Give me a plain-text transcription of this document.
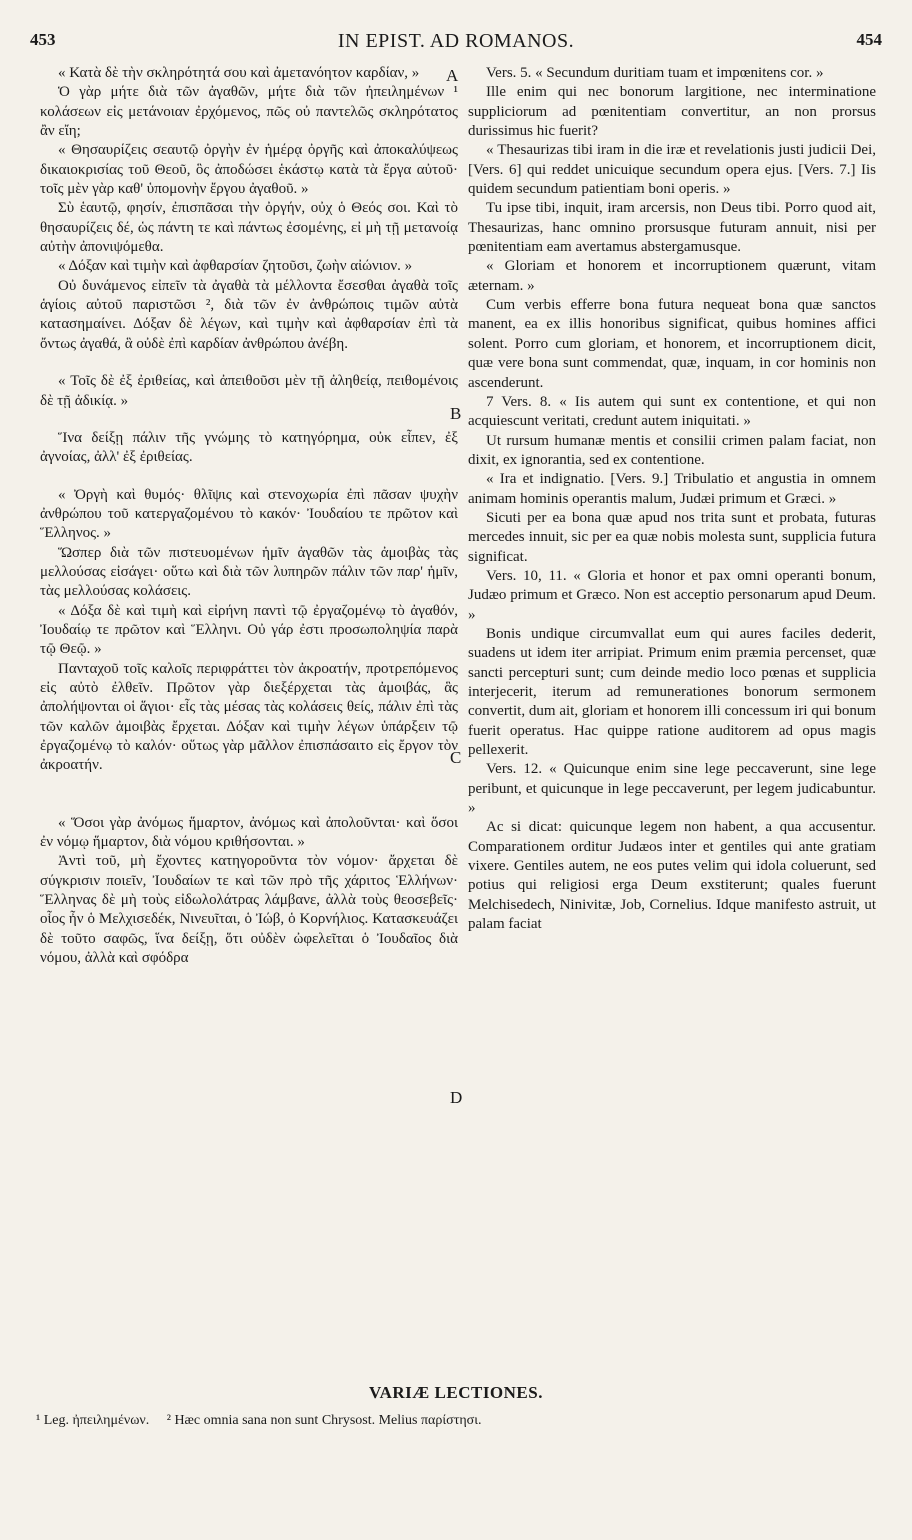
453	IN EPIST. AD ROMANOS.	454
A
B
C
D

« Κατὰ δὲ τὴν σκληρότητά σου καὶ ἀμετανόητον καρδίαν, »

Ὁ γὰρ μήτε διὰ τῶν ἀγαθῶν, μήτε διὰ τῶν ἠπειλημένων ¹ κολάσεων εἰς μετάνοιαν ἐρχόμενος, πῶς οὐ παντελῶς σκληρότατος ἂν εἴη;

« Θησαυρίζεις σεαυτῷ ὀργὴν ἐν ἡμέρᾳ ὀργῆς καὶ ἀποκαλύψεως δικαιοκρισίας τοῦ Θεοῦ, ὃς ἀποδώσει ἑκάστῳ κατὰ τὰ ἔργα αὐτοῦ· τοῖς μὲν γὰρ καθ' ὑπομονὴν ἔργου ἀγαθοῦ. »

Σὺ ἑαυτῷ, φησίν, ἐπισπᾶσαι τὴν ὀργήν, οὐχ ὁ Θεός σοι. Καὶ τὸ θησαυρίζεις δέ, ὡς πάντη τε καὶ πάντως ἐσομένης, εἰ μὴ τῇ μετανοίᾳ αὐτὴν ἀπονιψόμεθα.

« Δόξαν καὶ τιμὴν καὶ ἀφθαρσίαν ζητοῦσι, ζωὴν αἰώνιον. »

Οὐ δυνάμενος εἰπεῖν τὰ ἀγαθὰ τὰ μέλλοντα ἔσεσθαι ἀγαθὰ τοῖς ἁγίοις αὐτοῦ παριστῶσι ², διὰ τῶν ἐν ἀνθρώποις τιμῶν αὐτὰ κατασημαίνει. Δόξαν δὲ λέγων, καὶ τιμὴν καὶ ἀφθαρσίαν ἐπὶ τὰ ὄντως ἀγαθά, ἃ οὐδὲ ἐπὶ καρδίαν ἀνθρώπου ἀνέβη.

« Τοῖς δὲ ἐξ ἐριθείας, καὶ ἀπειθοῦσι μὲν τῇ ἀληθείᾳ, πειθομένοις δὲ τῇ ἀδικίᾳ. »

Ἵνα δείξῃ πάλιν τῆς γνώμης τὸ κατηγόρημα, οὐκ εἶπεν, ἐξ ἀγνοίας, ἀλλ' ἐξ ἐριθείας.

« Ὀργὴ καὶ θυμός· θλῖψις καὶ στενοχωρία ἐπὶ πᾶσαν ψυχὴν ἀνθρώπου τοῦ κατεργαζομένου τὸ κακόν· Ἰουδαίου τε πρῶτον καὶ Ἕλληνος. »

Ὥσπερ διὰ τῶν πιστευομένων ἡμῖν ἀγαθῶν τὰς ἀμοιβὰς τὰς μελλούσας εἰσάγει· οὕτω καὶ διὰ τῶν λυπηρῶν πάλιν τῶν παρ' ἡμῖν, τὰς μελλούσας κολάσεις.

« Δόξα δὲ καὶ τιμὴ καὶ εἰρήνη παντὶ τῷ ἐργαζομένῳ τὸ ἀγαθόν, Ἰουδαίῳ τε πρῶτον καὶ Ἕλληνι. Οὐ γάρ ἐστι προσωποληψία παρὰ τῷ Θεῷ. »

Πανταχοῦ τοῖς καλοῖς περιφράττει τὸν ἀκροατήν, προτρεπόμενος εἰς αὐτὸ ἐλθεῖν. Πρῶτον γὰρ διεξέρχεται τὰς ἀμοιβάς, ἃς ἀπολήψονται οἱ ἅγιοι· εἶς τὰς μέσας τὰς κολάσεις θείς, πάλιν ἐπὶ τὰς τῶν καλῶν ἀμοιβὰς ἔρχεται. Δόξαν καὶ τιμὴν λέγων ὑπάρξειν τῷ ἐργαζομένῳ τὸ καλόν· οὕτως γὰρ μᾶλλον ἐπισπάσαιτο εἰς ἔργον τὸν ἀκροατήν.

« Ὅσοι γὰρ ἀνόμως ἥμαρτον, ἀνόμως καὶ ἀπολοῦνται· καὶ ὅσοι ἐν νόμῳ ἥμαρτον, διὰ νόμου κριθήσονται. »

Ἀντὶ τοῦ, μὴ ἔχοντες κατηγοροῦντα τὸν νόμον· ἄρχεται δὲ σύγκρισιν ποιεῖν, Ἰουδαίων τε καὶ τῶν πρὸ τῆς χάριτος Ἑλλήνων· Ἕλληνας δὲ μὴ τοὺς εἰδωλολάτρας λάμβανε, ἀλλὰ τοὺς θεοσεβεῖς· οἷος ἦν ὁ Μελχισεδέκ, Νινευῖται, ὁ Ἰώβ, ὁ Κορνήλιος. Κατασκευάζει δὲ τοῦτο σαφῶς, ἵνα δείξῃ, ὅτι οὐδὲν ὠφελεῖται ὁ Ἰουδαῖος διὰ νόμου, ἀλλὰ καὶ σφόδρα

Vers. 5. « Secundum duritiam tuam et impœnitens cor. »

Ille enim qui nec bonorum largitione, nec interminatione suppliciorum ad pœnitentiam convertitur, an non prorsus durissimus hic fuerit?

« Thesaurizas tibi iram in die iræ et revelationis justi judicii Dei, [Vers. 6] qui reddet unicuique secundum opera ejus. [Vers. 7.] Iis quidem secundum patientiam boni operis. »

Tu ipse tibi, inquit, iram arcersis, non Deus tibi. Porro quod ait, Thesaurizas, hanc omnino prorsusque futuram annuit, nisi per pœnitentiam eam avertamus abstergamusque.

« Gloriam et honorem et incorruptionem quærunt, vitam æternam. »

Cum verbis efferre bona futura nequeat bona quæ sanctos manent, ea ex illis honoribus significat, quibus homines affici solent. Porro cum gloriam, et honorem, et incorruptionem dicit, quæ vere bona sunt commendat, quæ, inquam, in cor hominis non ascenderunt.

7 Vers. 8. « Iis autem qui sunt ex contentione, et qui non acquiescunt veritati, credunt autem iniquitati. »

Ut rursum humanæ mentis et consilii crimen palam faciat, non dixit, ex ignorantia, sed ex contentione.

« Ira et indignatio. [Vers. 9.] Tribulatio et angustia in omnem animam hominis operantis malum, Judæi primum et Græci. »

Sicuti per ea bona quæ apud nos trita sunt et probata, futuras mercedes innuit, sic per ea quæ nobis molesta sunt, supplicia futura significat.

Vers. 10, 11. « Gloria et honor et pax omni operanti bonum, Judæo primum et Græco. Non est acceptio personarum apud Deum. »

Bonis undique circumvallat eum qui aures faciles dederit, suadens ut idem iter arripiat. Primum enim præmia percenset, quæ sancti percepturi sunt; cum deinde medio loco pœnas et supplicia interjecerit, iterum ad remunerationes bonorum sermonem convertit, dum ait, gloriam et honorem illi concessum iri qui bonum fuerit operatus. Hac quippe ratione auditorem ad opus magis pellexerit.

Vers. 12. « Quicunque enim sine lege peccaverunt, sine lege peribunt, et quicunque in lege peccaverunt, per legem judicabuntur. »

Ac si dicat: quicunque legem non habent, a qua accusentur. Comparationem orditur Judæos inter et gentiles qui ante gratiam vixere. Gentiles autem, ne eos putes velim qui idola coluerunt, sed potius qui religiosi erga Deum exstiterunt; quales fuerunt Melchisedech, Ninivitæ, Job, Cornelius. Idque manifesto astruit, ut palam faciat

VARIÆ LECTIONES.
¹ Leg. ἠπειλημένων. ² Hæc omnia sana non sunt Chrysost. Melius παρίστησι.
